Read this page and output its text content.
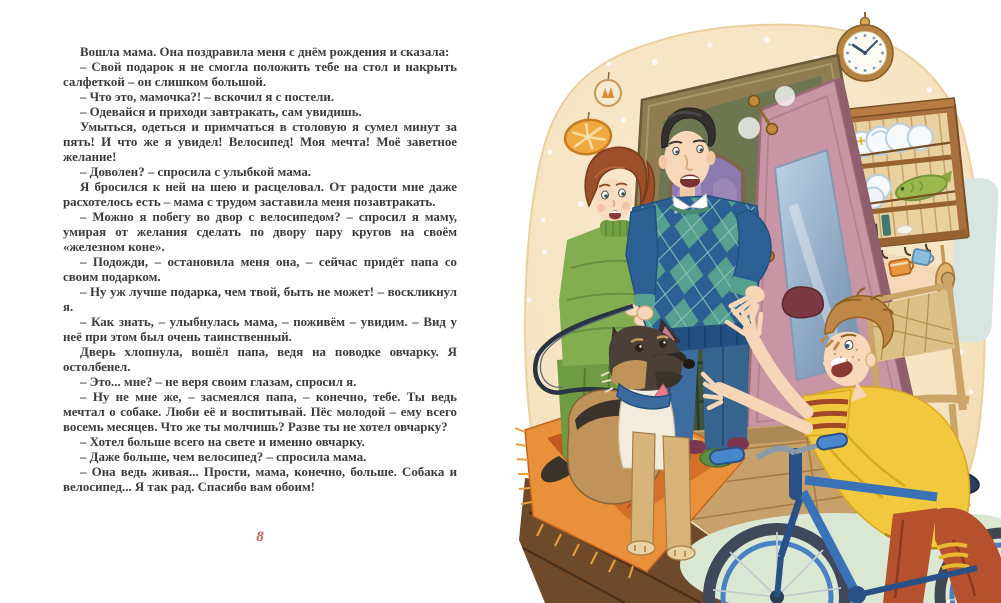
Вошла мама. Она поздравила меня с днём рождения и сказала:

– Свой подарок я не смогла положить тебе на стол и накрыть салфеткой – он слишком большой.

– Что это, мамочка?! – вскочил я с постели.

– Одевайся и приходи завтракать, сам увидишь.

Умыться, одеться и примчаться в столовую я сумел минут за пять! И что же я увидел! Велосипед! Моя мечта! Моё заветное желание!

– Доволен? – спросила с улыбкой мама.

Я бросился к ней на шею и расцеловал. От радости мне даже расхотелось есть – мама с трудом заставила меня позавтракать.

– Можно я побегу во двор с велосипедом? – спросил я маму, умирая от желания сделать по двору пару кругов на своём «железном коне».

– Подожди, – остановила меня она, – сейчас придёт папа со своим подарком.

– Ну уж лучше подарка, чем твой, быть не может! – воскликнул я.

– Как знать, – улыбнулась мама, – поживём – увидим. – Вид у неё при этом был очень таинственный.

Дверь хлопнула, вошёл папа, ведя на поводке овчарку. Я остолбенел.

– Это... мне? – не веря своим глазам, спросил я.

– Ну не мне же, – засмеялся папа, – конечно, тебе. Ты ведь мечтал о собаке. Люби её и воспитывай. Пёс молодой – ему всего восемь месяцев. Что же ты молчишь? Разве ты не хотел овчарку?

– Хотел больше всего на свете и именно овчарку.

– Даже больше, чем велосипед? – спросила мама.

– Она ведь живая... Прости, мама, конечно, больше. Собака и велосипед... Я так рад. Спасибо вам обоим!

8
